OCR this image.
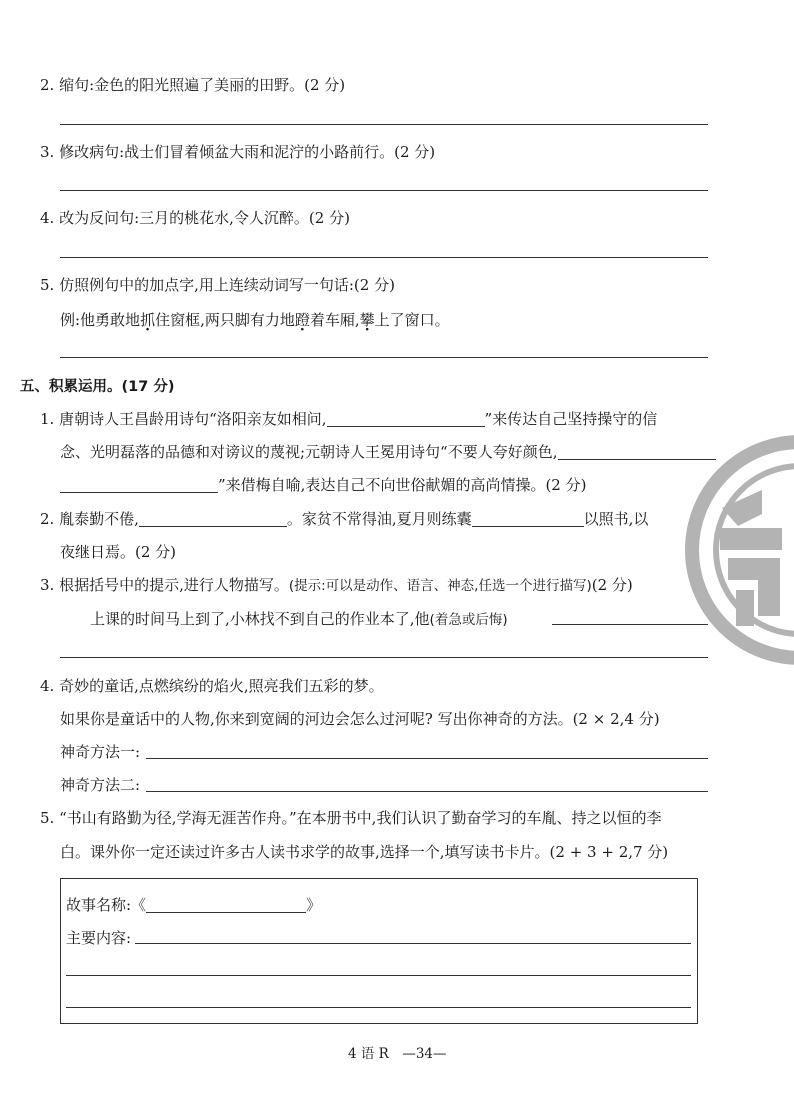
2. 缩句:金色的阳光照遍了美丽的田野。(2 分)
3. 修改病句:战士们冒着倾盆大雨和泥泞的小路前行。(2 分)
4. 改为反问句:三月的桃花水,令人沉醉。(2 分)
5. 仿照例句中的加点字,用上连续动词写一句话:(2 分)
例:他勇敢地抓住窗框,两只脚有力地蹬着车厢,攀上了窗口。
五、积累运用。(17 分)
1. 唐朝诗人王昌龄用诗句“洛阳亲友如相问,	”来传达自己坚持操守的信
念、光明磊落的品德和对谤议的蔑视;元朝诗人王冕用诗句“不要人夸好颜色,
”来借梅自喻,表达自己不向世俗献媚的高尚情操。(2 分)
2. 胤泰勤不倦,	。家贫不常得油,夏月则练囊	以照书,以
夜继日焉。(2 分)
3. 根据括号中的提示,进行人物描写。(提示:可以是动作、语言、神态,任选一个进行描写)(2 分)
上课的时间马上到了,小林找不到自己的作业本了,他(着急或后悔)
4. 奇妙的童话,点燃缤纷的焰火,照亮我们五彩的梦。
如果你是童话中的人物,你来到宽阔的河边会怎么过河呢? 写出你神奇的方法。(2 × 2,4 分)
神奇方法一:
神奇方法二:
5. “书山有路勤为径,学海无涯苦作舟。”在本册书中,我们认识了勤奋学习的车胤、持之以恒的李
白。课外你一定还读过许多古人读书求学的故事,选择一个,填写读书卡片。(2 + 3 + 2,7 分)
故事名称:《	》
主要内容:
4 语 R　—34—
